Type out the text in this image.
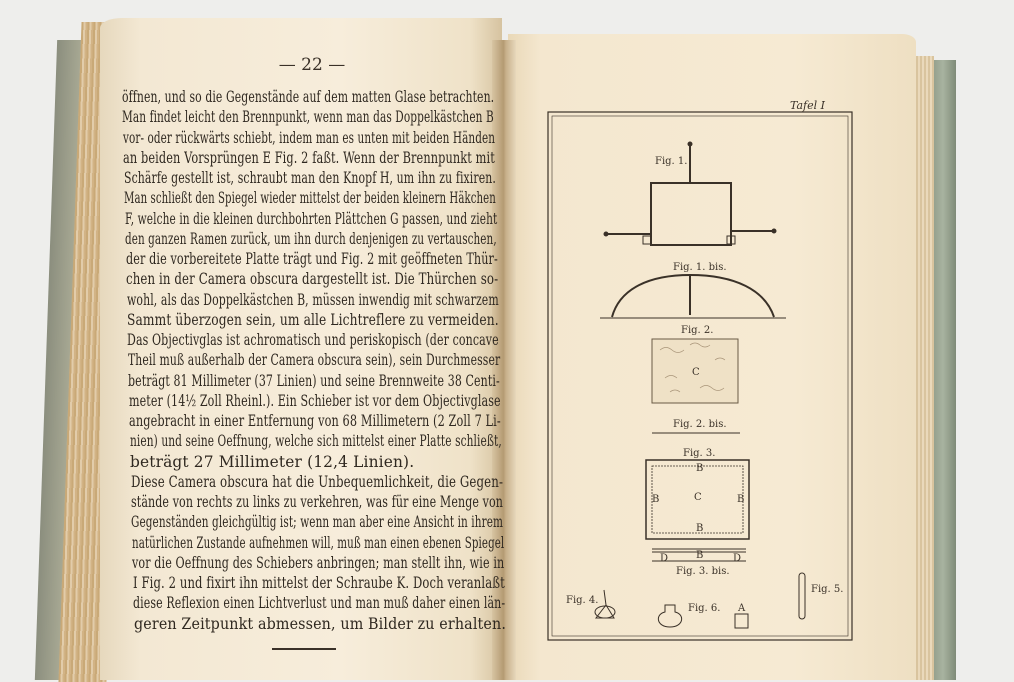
— 22 —
öffnen, und so die Gegenstände auf dem matten Glase betrachten.
Man findet leicht den Brennpunkt, wenn man das Doppelkästchen B
vor- oder rückwärts schiebt, indem man es unten mit beiden Händen
an beiden Vorsprüngen E Fig. 2 faßt. Wenn der Brennpunkt mit
Schärfe gestellt ist, schraubt man den Knopf H, um ihn zu fixiren.
Man schließt den Spiegel wieder mittelst der beiden kleinern Häkchen
F, welche in die kleinen durchbohrten Plättchen G passen, und zieht
den ganzen Ramen zurück, um ihn durch denjenigen zu vertauschen,
der die vorbereitete Platte trägt und Fig. 2 mit geöffneten Thür-
chen in der Camera obscura dargestellt ist. Die Thürchen so-
wohl, als das Doppelkästchen B, müssen inwendig mit schwarzem
Sammt überzogen sein, um alle Lichtreflere zu vermeiden.
Das Objectivglas ist achromatisch und periskopisch (der concave
Theil muß außerhalb der Camera obscura sein), sein Durchmesser
beträgt 81 Millimeter (37 Linien) und seine Brennweite 38 Centi-
meter (14½ Zoll Rheinl.). Ein Schieber ist vor dem Objectivglase
angebracht in einer Entfernung von 68 Millimetern (2 Zoll 7 Li-
nien) und seine Oeffnung, welche sich mittelst einer Platte schließt,
beträgt 27 Millimeter (12,4 Linien).
Diese Camera obscura hat die Unbequemlichkeit, die Gegen-
stände von rechts zu links zu verkehren, was für eine Menge von
Gegenständen gleichgültig ist; wenn man aber eine Ansicht in ihrem
natürlichen Zustande aufnehmen will, muß man einen ebenen Spiegel
vor die Oeffnung des Schiebers anbringen; man stellt ihn, wie in
I Fig. 2 und fixirt ihn mittelst der Schraube K. Doch veranlaßt
diese Reflexion einen Lichtverlust und man muß daher einen län-
geren Zeitpunkt abmessen, um Bilder zu erhalten.
Tafel I
Fig. 1.
Fig. 1. bis.
Fig. 2.
C
Fig. 2. bis.
Fig. 3.
C
B	B
B
B
B
D	D
Fig. 3. bis.
Fig. 4.
Fig. 5.
Fig. 6. A
